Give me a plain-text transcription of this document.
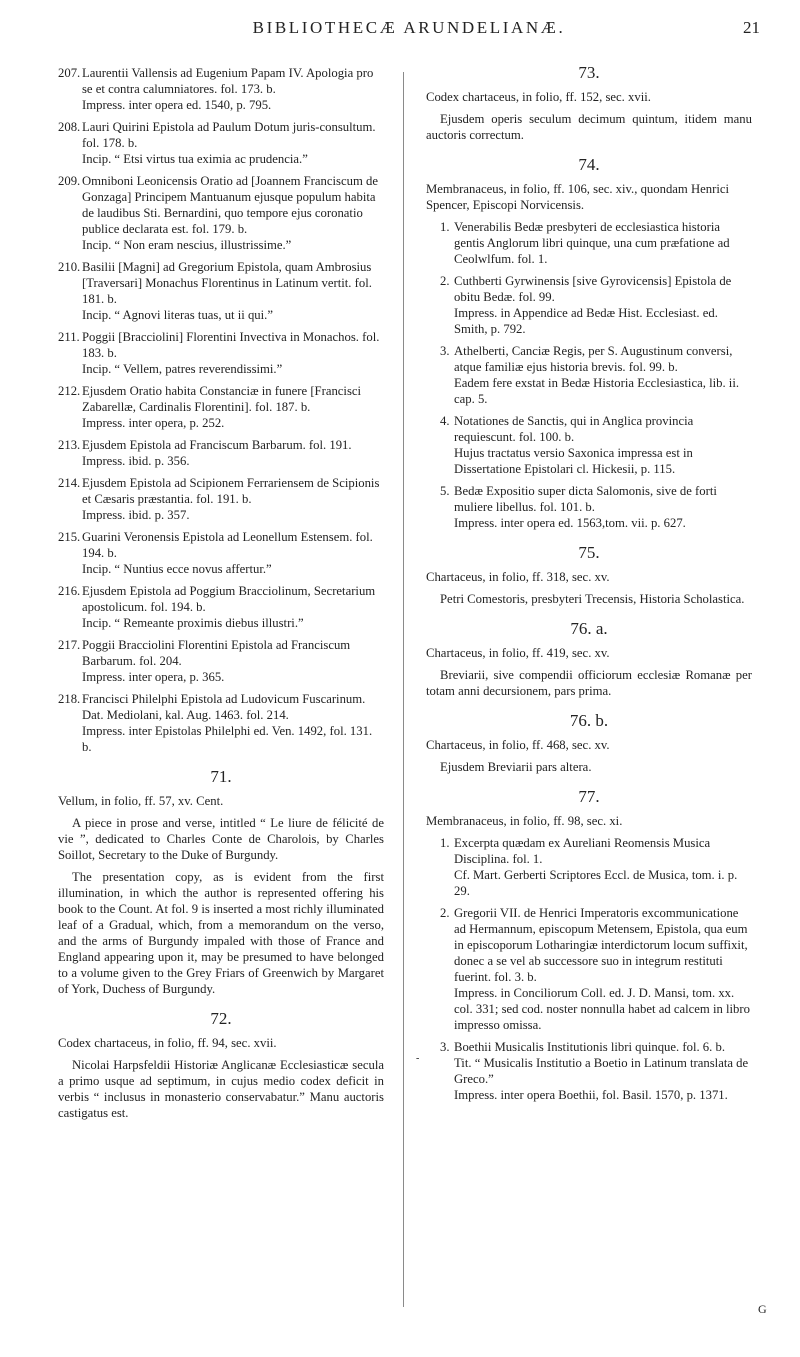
BIBLIOTHECÆ ARUNDELIANÆ.	21
-
207. Laurentii Vallensis ad Eugenium Papam IV. Apologia pro se et contra calumniatores. fol. 173. b.
Impress. inter opera ed. 1540, p. 795.
208. Lauri Quirini Epistola ad Paulum Dotum juris-consultum. fol. 178. b.
Incip. “ Etsi virtus tua eximia ac prudencia.”
209. Omniboni Leonicensis Oratio ad [Joannem Franciscum de Gonzaga] Principem Mantuanum ejusque populum habita de laudibus Sti. Bernardini, quo tempore ejus coronatio publice declarata est. fol. 179. b.
Incip. “ Non eram nescius, illustrissime.”
210. Basilii [Magni] ad Gregorium Epistola, quam Ambrosius [Traversari] Monachus Florentinus in Latinum vertit. fol. 181. b.
Incip. “ Agnovi literas tuas, ut ii qui.”
211. Poggii [Bracciolini] Florentini Invectiva in Monachos. fol. 183. b.
Incip. “ Vellem, patres reverendissimi.”
212. Ejusdem Oratio habita Constanciæ in funere [Francisci Zabarellæ, Cardinalis Florentini]. fol. 187. b.
Impress. inter opera, p. 252.
213. Ejusdem Epistola ad Franciscum Barbarum. fol. 191.
Impress. ibid. p. 356.
214. Ejusdem Epistola ad Scipionem Ferrariensem de Scipionis et Cæsaris præstantia. fol. 191. b.
Impress. ibid. p. 357.
215. Guarini Veronensis Epistola ad Leonellum Estensem. fol. 194. b.
Incip. “ Nuntius ecce novus affertur.”
216. Ejusdem Epistola ad Poggium Bracciolinum, Secretarium apostolicum. fol. 194. b.
Incip. “ Remeante proximis diebus illustri.”
217. Poggii Bracciolini Florentini Epistola ad Franciscum Barbarum. fol. 204.
Impress. inter opera, p. 365.
218. Francisci Philelphi Epistola ad Ludovicum Fuscarinum. Dat. Mediolani, kal. Aug. 1463. fol. 214.
Impress. inter Epistolas Philelphi ed. Ven. 1492, fol. 131. b.
71.
Vellum, in folio, ff. 57, xv. Cent.
A piece in prose and verse, intitled “ Le liure de félicité de vie ”, dedicated to Charles Conte de Charolois, by Charles Soillot, Secretary to the Duke of Burgundy.
The presentation copy, as is evident from the first illumination, in which the author is represented offering his book to the Count. At fol. 9 is inserted a most richly illuminated leaf of a Gradual, which, from a memorandum on the verso, and the arms of Burgundy impaled with those of France and England appearing upon it, may be presumed to have belonged to a volume given to the Grey Friars of Greenwich by Margaret of York, Duchess of Burgundy.
72.
Codex chartaceus, in folio, ff. 94, sec. xvii.
Nicolai Harpsfeldii Historiæ Anglicanæ Ecclesiasticæ secula a primo usque ad septimum, in cujus medio codex deficit in verbis “ inclusus in monasterio conservabatur.” Manu auctoris castigatus est.
73.
Codex chartaceus, in folio, ff. 152, sec. xvii.
Ejusdem operis seculum decimum quintum, itidem manu auctoris correctum.
74.
Membranaceus, in folio, ff. 106, sec. xiv., quondam Henrici Spencer, Episcopi Norvicensis.
1. Venerabilis Bedæ presbyteri de ecclesiastica historia gentis Anglorum libri quinque, una cum præfatione ad Ceolwlfum. fol. 1.
2. Cuthberti Gyrwinensis [sive Gyrovicensis] Epistola de obitu Bedæ. fol. 99.
Impress. in Appendice ad Bedæ Hist. Ecclesiast. ed. Smith, p. 792.
3. Athelberti, Canciæ Regis, per S. Augustinum conversi, atque familiæ ejus historia brevis. fol. 99. b.
Eadem fere exstat in Bedæ Historia Ecclesiastica, lib. ii. cap. 5.
4. Notationes de Sanctis, qui in Anglica provincia requiescunt. fol. 100. b.
Hujus tractatus versio Saxonica impressa est in Dissertatione Epistolari cl. Hickesii, p. 115.
5. Bedæ Expositio super dicta Salomonis, sive de forti muliere libellus. fol. 101. b.
Impress. inter opera ed. 1563,tom. vii. p. 627.
75.
Chartaceus, in folio, ff. 318, sec. xv.
Petri Comestoris, presbyteri Trecensis, Historia Scholastica.
76. a.
Chartaceus, in folio, ff. 419, sec. xv.
Breviarii, sive compendii officiorum ecclesiæ Romanæ per totam anni decursionem, pars prima.
76. b.
Chartaceus, in folio, ff. 468, sec. xv.
Ejusdem Breviarii pars altera.
77.
Membranaceus, in folio, ff. 98, sec. xi.
1. Excerpta quædam ex Aureliani Reomensis Musica Disciplina. fol. 1.
Cf. Mart. Gerberti Scriptores Eccl. de Musica, tom. i. p. 29.
2. Gregorii VII. de Henrici Imperatoris excommunicatione ad Hermannum, episcopum Metensem, Epistola, qua eum in episcoporum Lotharingiæ interdictorum locum suffixit, donec a se vel ab successore suo in integrum restituti fuerint. fol. 3. b.
Impress. in Conciliorum Coll. ed. J. D. Mansi, tom. xx. col. 331; sed cod. noster nonnulla habet ad calcem in libro impresso omissa.
3. Boethii Musicalis Institutionis libri quinque. fol. 6. b.
Tit. “ Musicalis Institutio a Boetio in Latinum translata de Greco.”
Impress. inter opera Boethii, fol. Basil. 1570, p. 1371.
G
